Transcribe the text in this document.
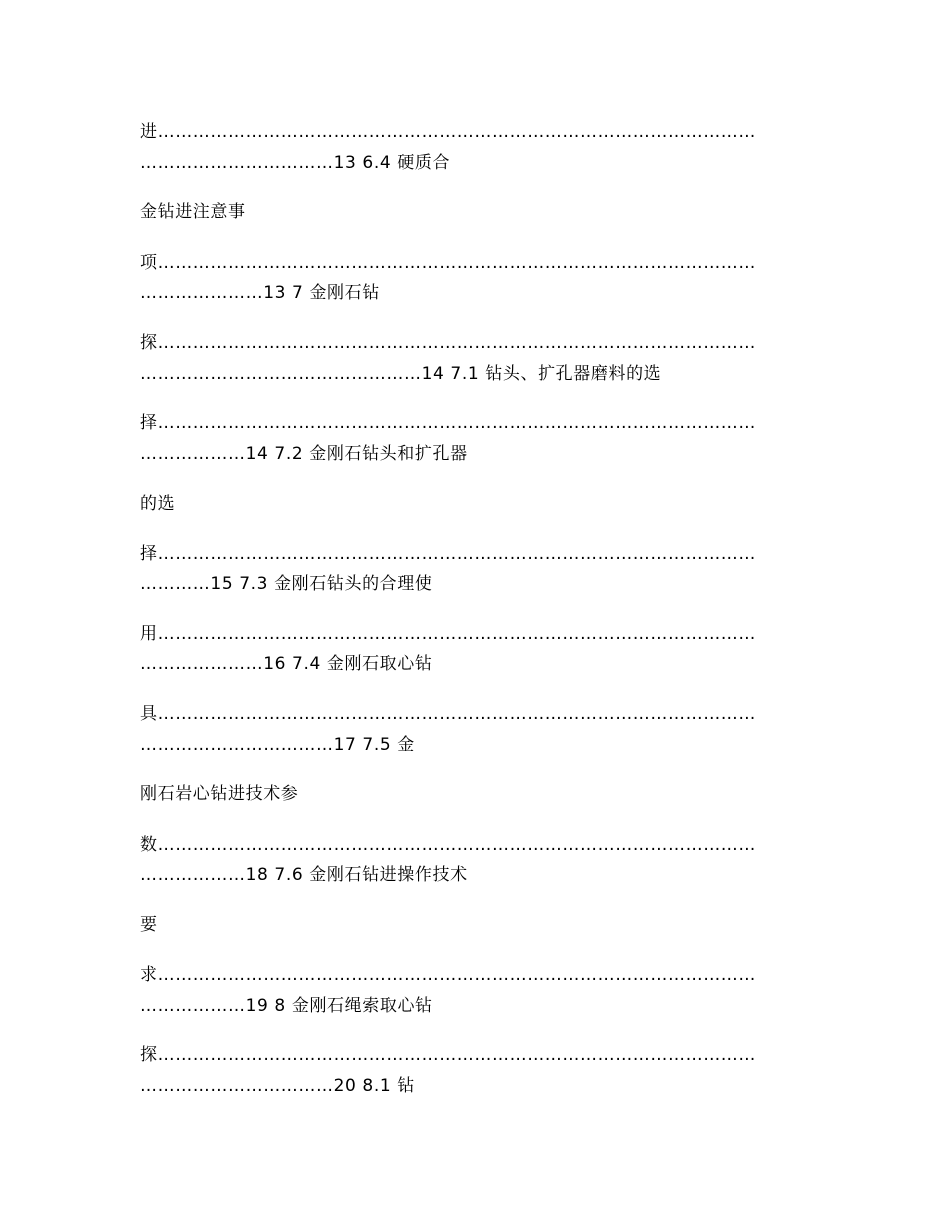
进…………………………………………………………………………………………
……………………………13 6.4 硬质合
金钻进注意事
项…………………………………………………………………………………………
…………………13 7 金刚石钻
探…………………………………………………………………………………………
…………………………………………14 7.1 钻头、扩孔器磨料的选
择…………………………………………………………………………………………
………………14 7.2 金刚石钻头和扩孔器
的选
择…………………………………………………………………………………………
…………15 7.3 金刚石钻头的合理使
用…………………………………………………………………………………………
…………………16 7.4 金刚石取心钻
具…………………………………………………………………………………………
……………………………17 7.5 金
刚石岩心钻进技术参
数…………………………………………………………………………………………
………………18 7.6 金刚石钻进操作技术
要
求…………………………………………………………………………………………
………………19 8 金刚石绳索取心钻
探…………………………………………………………………………………………
……………………………20 8.1 钻
